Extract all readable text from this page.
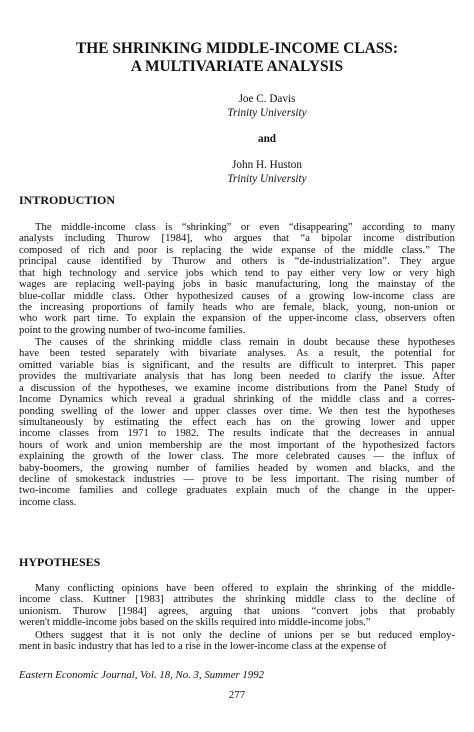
THE SHRINKING MIDDLE-INCOME CLASS:
A MULTIVARIATE ANALYSIS
Joe C. Davis
Trinity University
and
John H. Huston
Trinity University
INTRODUCTION
The middle-income class is “shrinking” or even “disappearing” according to many
analysts including Thurow [1984], who argues that “a bipolar income distribution
composed of rich and poor is replacing the wide expanse of the middle class.” The
principal cause identified by Thurow and others is “de-industrialization”. They argue
that high technology and service jobs which tend to pay either very low or very high
wages are replacing well-paying jobs in basic manufacturing, long the mainstay of the
blue-collar middle class. Other hypothesized causes of a growing low-income class are
the increasing proportions of family heads who are female, black, young, non-union or
who work part time. To explain the expansion of the upper-income class, observers often
point to the growing number of two-income families.
The causes of the shrinking middle class remain in doubt because these hypotheses
have been tested separately with bivariate analyses. As a result, the potential for
omitted variable bias is significant, and the results are difficult to interpret. This paper
provides the multivariate analysis that has long been needed to clarify the issue. After
a discussion of the hypotheses, we examine income distributions from the Panel Study of
Income Dynamics which reveal a gradual shrinking of the middle class and a corres-
ponding swelling of the lower and upper classes over time. We then test the hypotheses
simultaneously by estimating the effect each has on the growing lower and upper
income classes from 1971 to 1982. The results indicate that the decreases in annual
hours of work and union membership are the most important of the hypothesized factors
explaining the growth of the lower class. The more celebrated causes — the influx of
baby-boomers, the growing number of families headed by women and blacks, and the
decline of smokestack industries — prove to be less important. The rising number of
two-income families and college graduates explain much of the change in the upper-
income class.
HYPOTHESES
Many conflicting opinions have been offered to explain the shrinking of the middle-
income class. Kuttner [1983] attributes the shrinking middle class to the decline of
unionism. Thurow [1984] agrees, arguing that unions “convert jobs that probably
weren't middle-income jobs based on the skills required into middle-income jobs.”
Others suggest that it is not only the decline of unions per se but reduced employ-
ment in basic industry that has led to a rise in the lower-income class at the expense of
Eastern Economic Journal, Vol. 18, No. 3, Summer 1992
277
